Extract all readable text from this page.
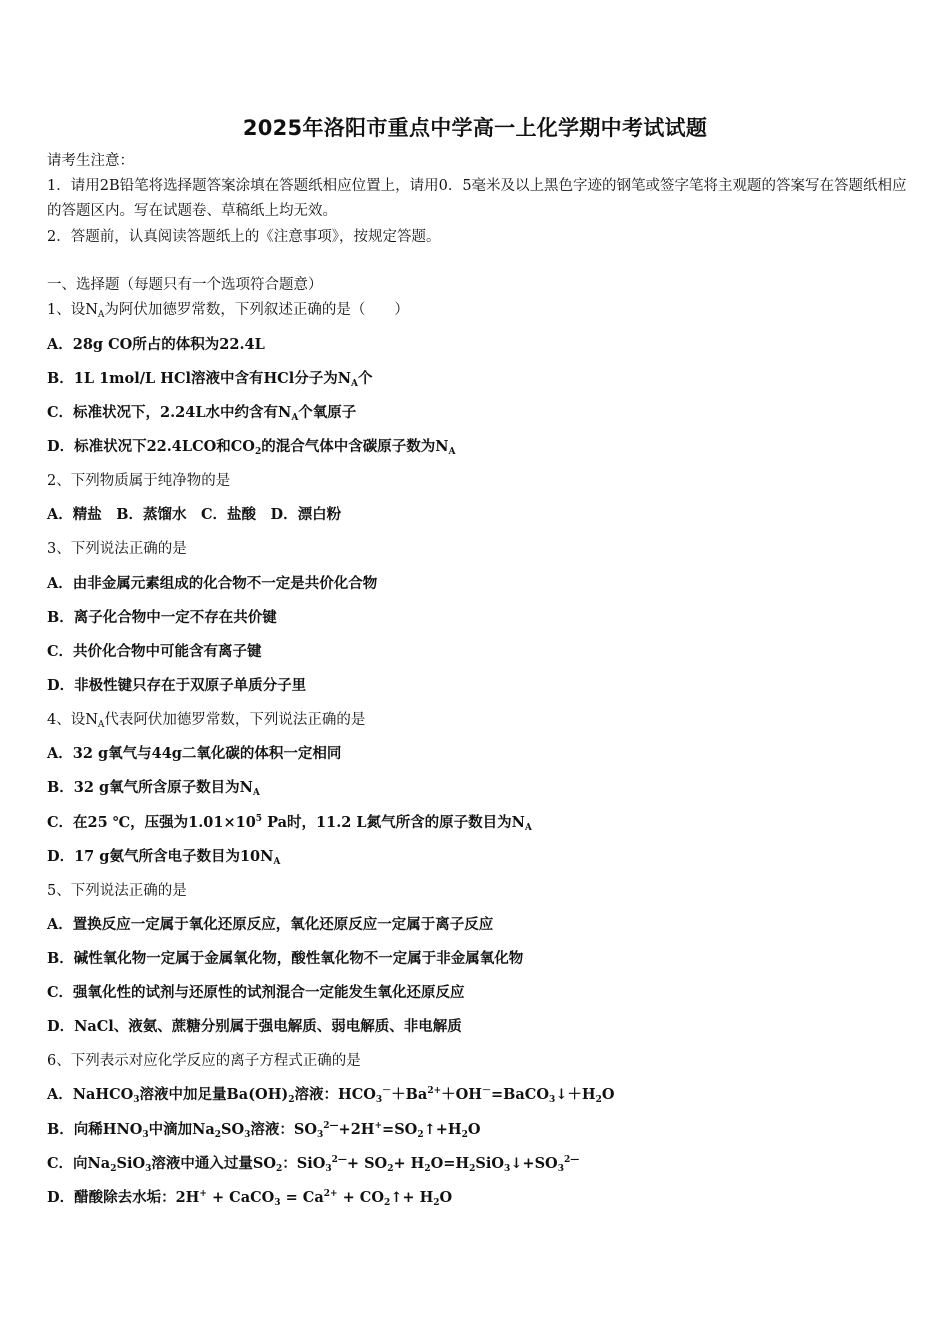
2025年洛阳市重点中学高一上化学期中考试试题
请考生注意：
1．请用2B铅笔将选择题答案涂填在答题纸相应位置上，请用0．5毫米及以上黑色字迹的钢笔或签字笔将主观题的答案写在答题纸相应的答题区内。写在试题卷、草稿纸上均无效。
2．答题前，认真阅读答题纸上的《注意事项》，按规定答题。
一、选择题（每题只有一个选项符合题意）
1、设$N_A$为阿伏加德罗常数，下列叙述正确的是（　　）
A．28g CO所占的体积为22.4L
B．1L 1mol/L HCl溶液中含有HCl分子为$N_A$个
C．标准状况下，2.24L水中约含有$N_A$个氧原子
D．标准状况下22.4LCO和$CO_2$的混合气体中含碳原子数为$N_A$
2、下列物质属于纯净物的是
A．精盐　B．蒸馏水　C．盐酸　D．漂白粉
3、下列说法正确的是
A．由非金属元素组成的化合物不一定是共价化合物
B．离子化合物中一定不存在共价键
C．共价化合物中可能含有离子键
D．非极性键只存在于双原子单质分子里
4、设$N_A$代表阿伏加德罗常数，下列说法正确的是
A．32 g氧气与44g二氧化碳的体积一定相同
B．32 g氧气所含原子数目为$N_A$
C．在25 ℃，压强为$1.01\times 10^5$ Pa时，11.2 L氮气所含的原子数目为$N_A$
D．17 g氨气所含电子数目为$10N_A$
5、下列说法正确的是
A．置换反应一定属于氧化还原反应，氧化还原反应一定属于离子反应
B．碱性氧化物一定属于金属氧化物，酸性氧化物不一定属于非金属氧化物
C．强氧化性的试剂与还原性的试剂混合一定能发生氧化还原反应
D．NaCl、液氨、蔗糖分别属于强电解质、弱电解质、非电解质
6、下列表示对应化学反应的离子方程式正确的是
A．NaHCO$_3$溶液中加足量$Ba(OH)_2$溶液：$HCO_3^-+Ba^{2+}+OH^-=BaCO_3↓+H_2O$
B．向稀$HNO_3$中滴加$Na_2SO_3$溶液：$SO_3^{2—}+2H^+=SO_2↑+H_2O$
C．向$Na_2SiO_3$溶液中通入过量$SO_2$：$SiO_3^{2—}+ SO_2+$ $H_2O=H_2SiO_3↓+SO_3^{2—}$
D．醋酸除去水垢：2H+ + CaCO$_3$ = $Ca^{2+}$ + $CO_2↑+ H_2O$
